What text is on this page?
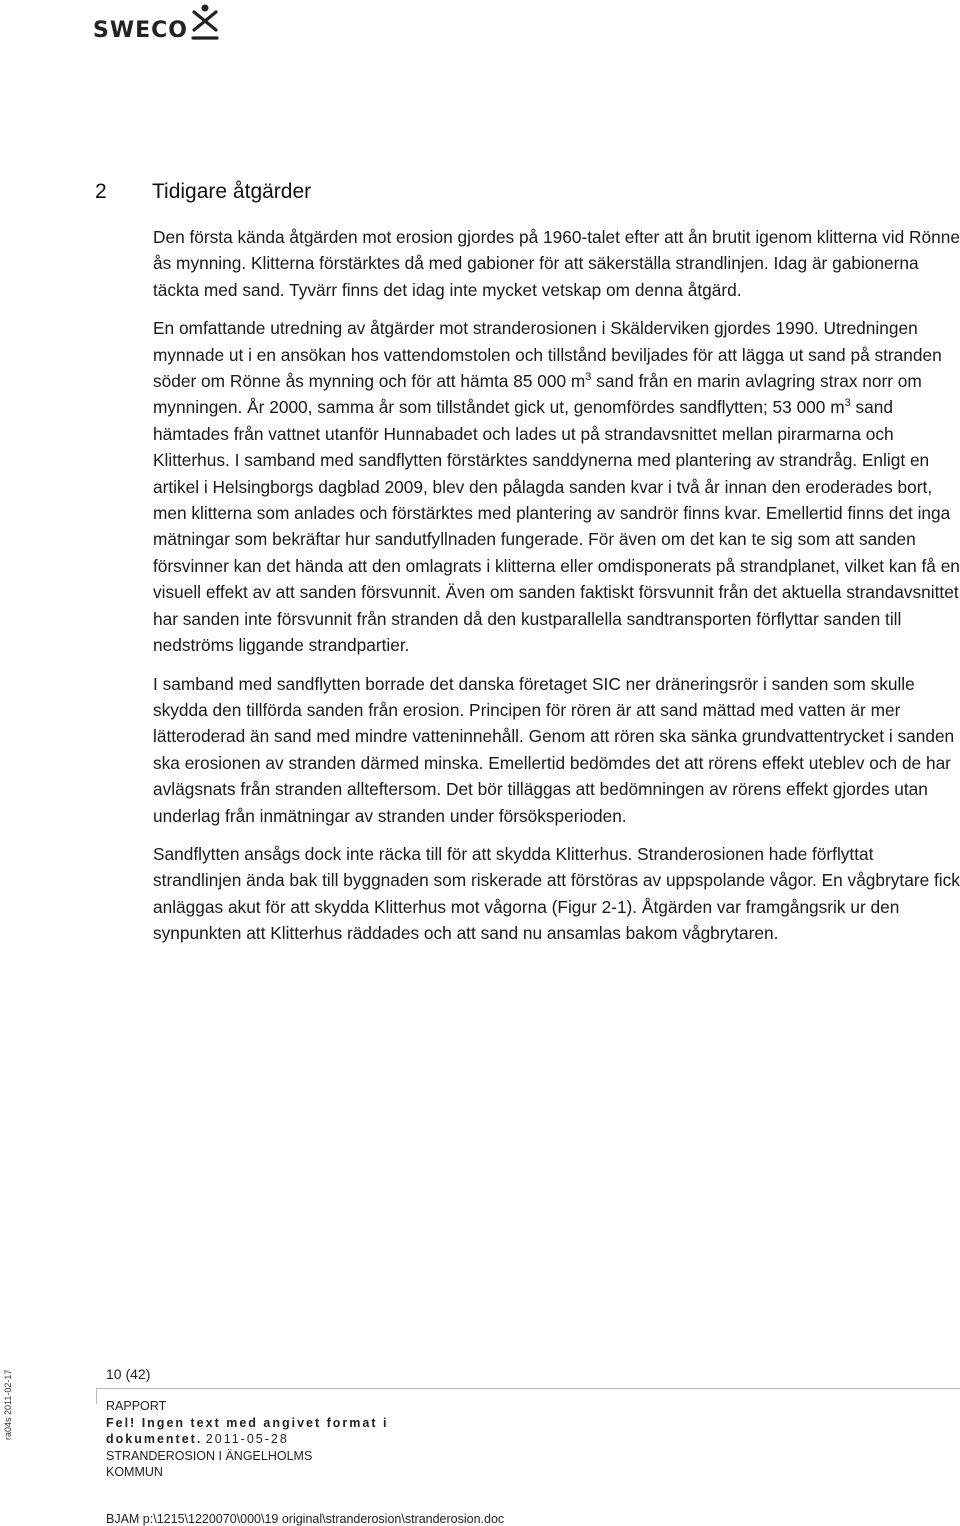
SWECO
2 Tidigare åtgärder

Den första kända åtgärden mot erosion gjordes på 1960-talet efter att ån brutit igenom klitterna vid Rönne ås mynning. Klitterna förstärktes då med gabioner för att säkerställa strandlinjen. Idag är gabionerna täckta med sand. Tyvärr finns det idag inte mycket vetskap om denna åtgärd.

En omfattande utredning av åtgärder mot stranderosionen i Skälderviken gjordes 1990. Utredningen mynnade ut i en ansökan hos vattendomstolen och tillstånd beviljades för att lägga ut sand på stranden söder om Rönne ås mynning och för att hämta 85 000 $m^3$ sand från en marin avlagring strax norr om mynningen. År 2000, samma år som tillståndet gick ut, genomfördes sandflytten; 53 000 $m^3$ sand hämtades från vattnet utanför Hunnabadet och lades ut på strandavsnittet mellan pirarmarna och Klitterhus. I samband med sandflytten förstärktes sanddynerna med plantering av strandråg. Enligt en artikel i Helsingborgs dagblad 2009, blev den pålagda sanden kvar i två år innan den eroderades bort, men klitterna som anlades och förstärktes med plantering av sandrör finns kvar. Emellertid finns det inga mätningar som bekräftar hur sandutfyllnaden fungerade. För även om det kan te sig som att sanden försvinner kan det hända att den omlagrats i klitterna eller omdisponerats på strandplanet, vilket kan få en visuell effekt av att sanden försvunnit. Även om sanden faktiskt försvunnit från det aktuella strandavsnittet har sanden inte försvunnit från stranden då den kustparallella sandtransporten förflyttar sanden till nedströms liggande strandpartier.

I samband med sandflytten borrade det danska företaget SIC ner dräneringsrör i sanden som skulle skydda den tillförda sanden från erosion. Principen för rören är att sand mättad med vatten är mer lätteroderad än sand med mindre vatteninnehåll. Genom att rören ska sänka grundvattentrycket i sanden ska erosionen av stranden därmed minska. Emellertid bedömdes det att rörens effekt uteblev och de har avlägsnats från stranden allteftersom. Det bör tilläggas att bedömningen av rörens effekt gjordes utan underlag från inmätningar av stranden under försöksperioden.

Sandflytten ansågs dock inte räcka till för att skydda Klitterhus. Stranderosionen hade förflyttat strandlinjen ända bak till byggnaden som riskerade att förstöras av uppspolande vågor. En vågbrytare fick anläggas akut för att skydda Klitterhus mot vågorna (Figur 2-1). Åtgärden var framgångsrik ur den synpunkten att Klitterhus räddades och att sand nu ansamlas bakom vågbrytaren.

10 (42)
RAPPORT
Fel! Ingen text med angivet format i
dokumentet. 2011-05-28
STRANDEROSION I ÄNGELHOLMS
KOMMUN
BJAM p:\1215\1220070\000\19 original\stranderosion\stranderosion.doc
ra04s 2011-02-17
